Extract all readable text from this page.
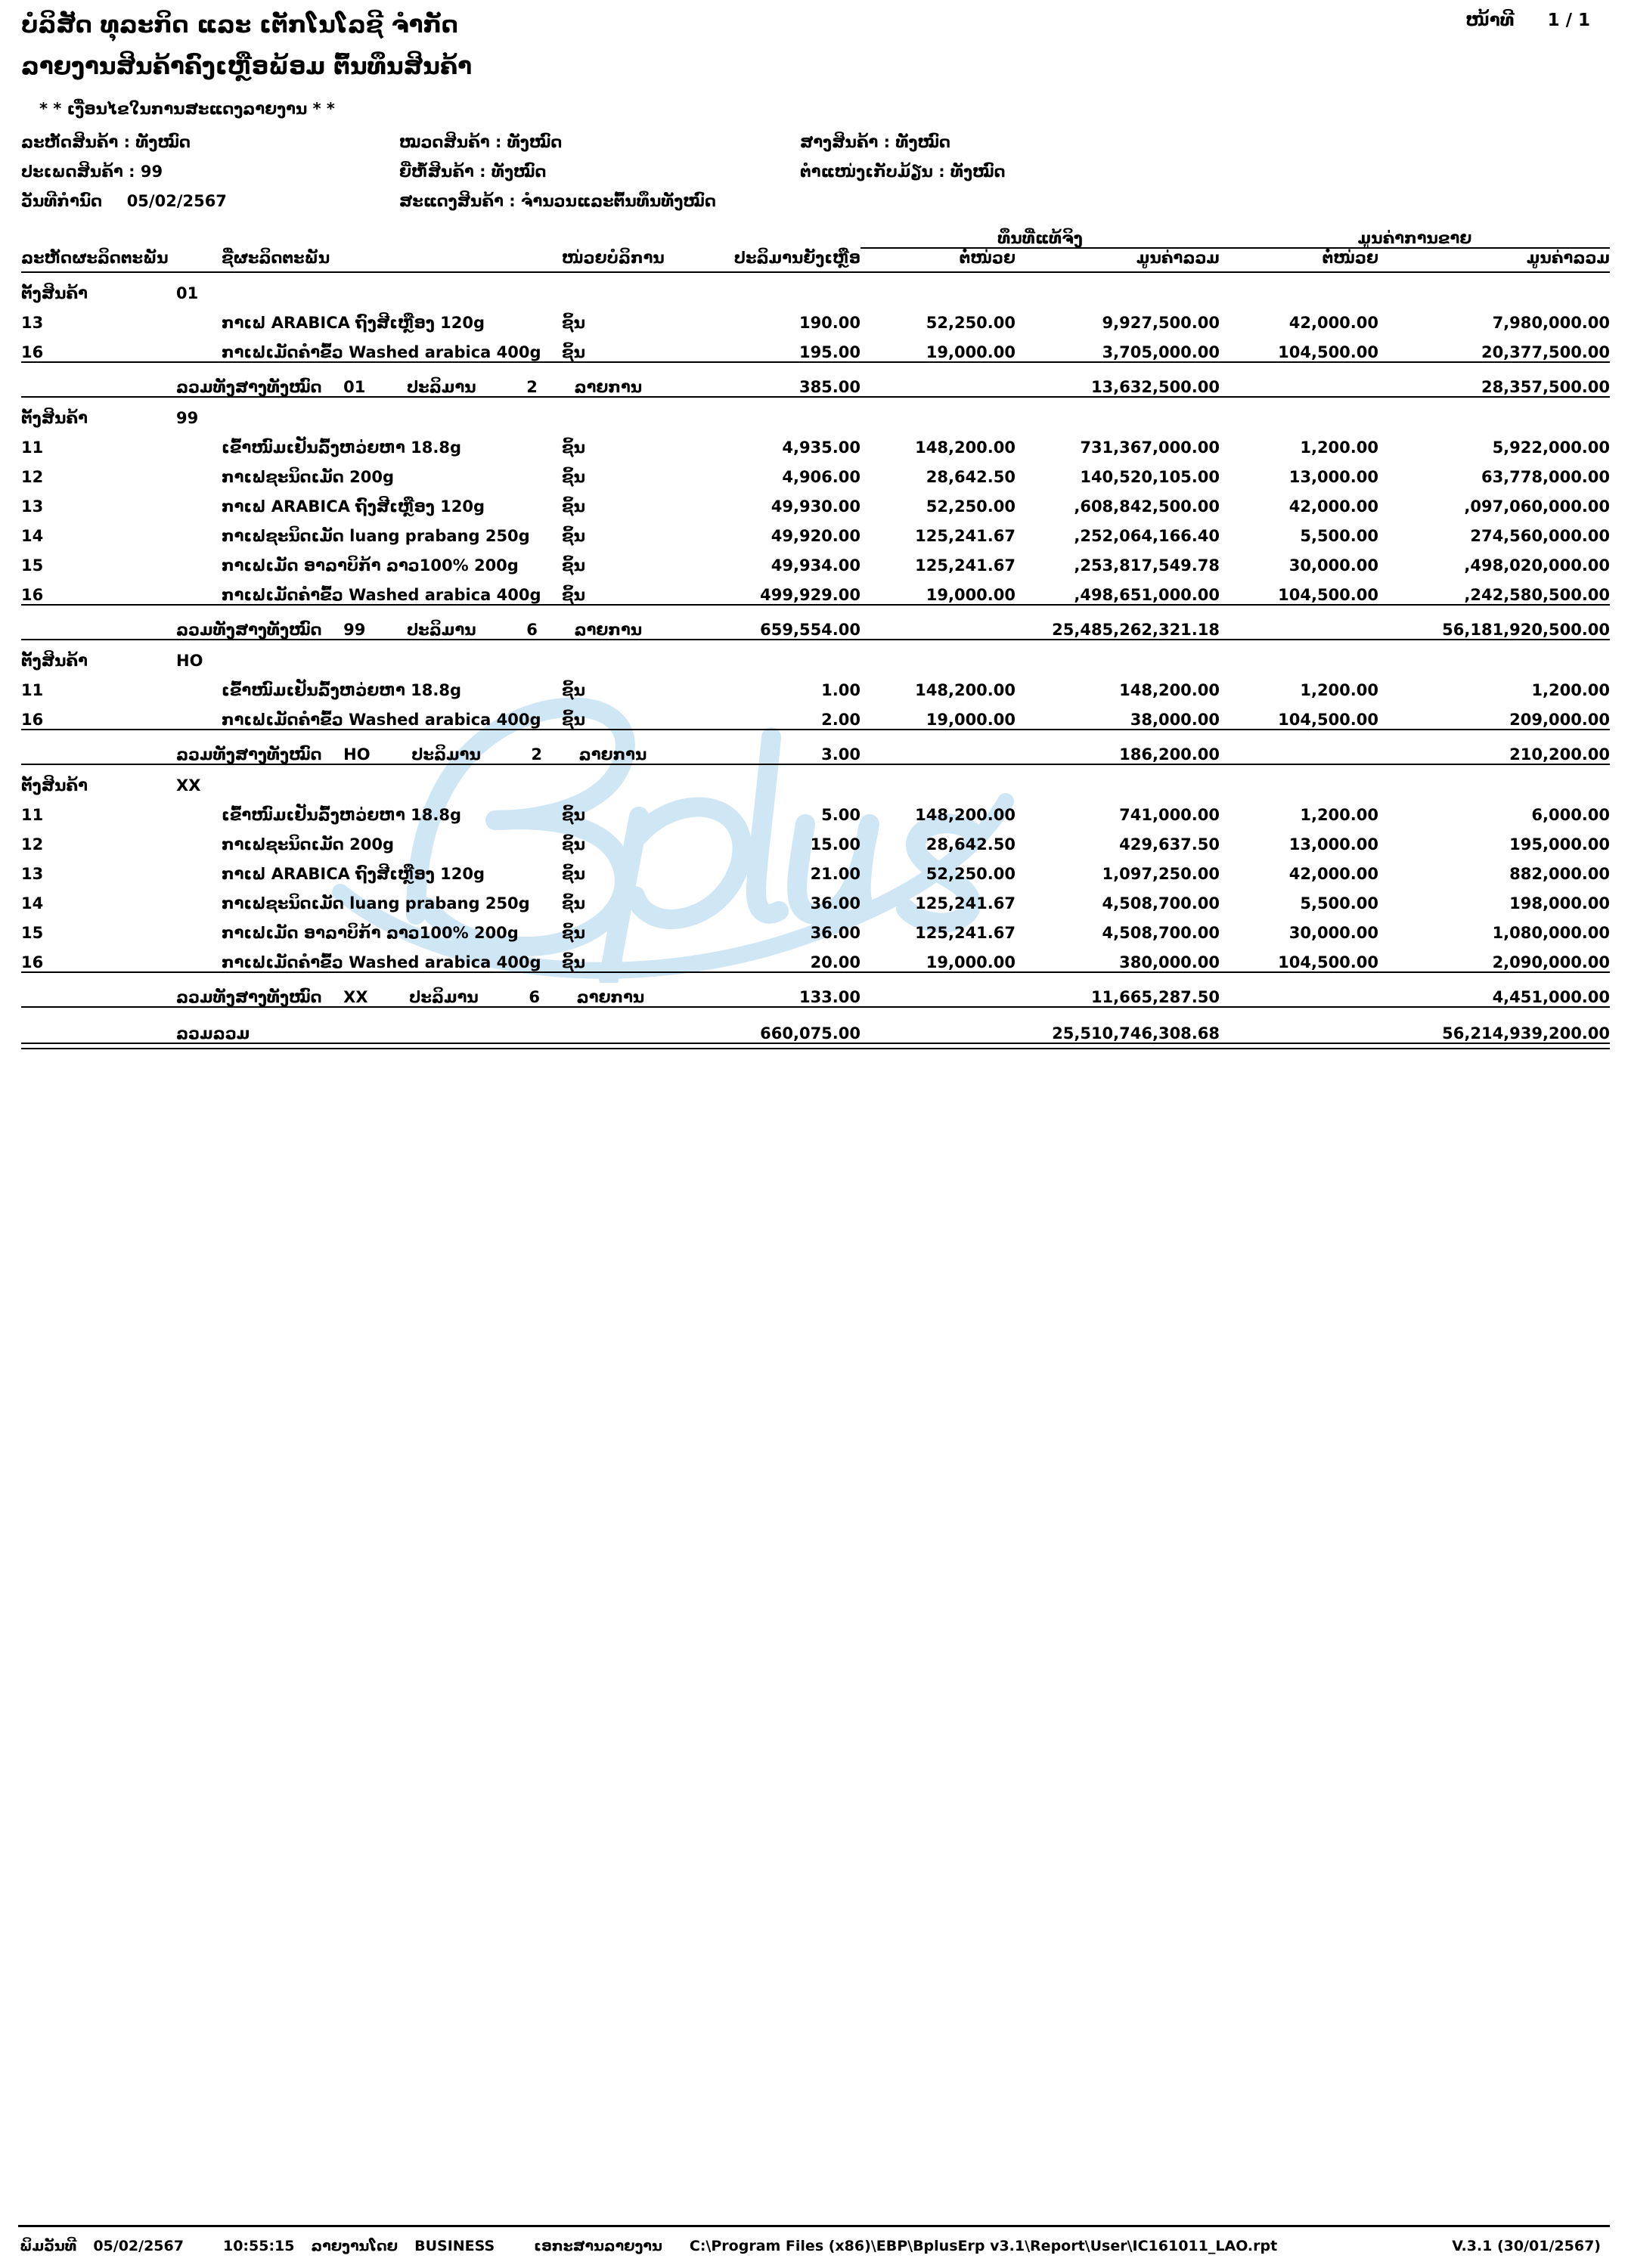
ບໍລິສັດ ທຸລະກິດ ແລະ ເຕັກໂນໂລຊີ ຈຳກັດ	ໜ້າທີ 1 / 1
ລາຍງານສິນຄ້າຄົງເຫຼືອພ້ອມ ຕົ້ນທຶນສິນຄ້າ
* * ເງື່ອນໄຂໃນການສະແດງລາຍງານ * *
ລະຫັດສິນຄ້າ : ທັງໝົດ	ໝວດສິນຄ້າ : ທັງໝົດ	ສາງສິນຄ້າ : ທັງໝົດ
ປະເພດສິນຄ້າ : 99	ຍີ່ຫໍ້ສິນຄ້າ : ທັງໝົດ	ຕຳແໜ່ງເກັບມ້ຽນ : ທັງໝົດ
ວັນທີກຳນົດ 05/02/2567	ສະແດງສິນຄ້າ : ຈຳນວນແລະຕົ້ນທຶນທັງໝົດ
					ທຶນທີ່ແທ້ຈິງ		ມູນຄ່າການຂາຍ	

ລະຫັດຜະລິດຕະພັນ		ຊື່ຜະລິດຕະພັນ	ໜ່ວຍບໍລິການ	ປະລິມານຍັງເຫຼືອ	ຕໍ່ໜ່ວຍ	ມູນຄ່າລວມ	ຕໍ່ໜ່ວຍ	ມູນຄ່າລວມ

ຕັ້ງສິນຄ້າ	01							
13		ກາເຟ ARABICA ຖົງສີເຫຼືອງ 120g	ຊິ້ນ	190.00	52,250.00	9,927,500.00	42,000.00	7,980,000.00
16		ກາເຟເມັດຄຳຂົ້ວ Washed arabica 400g	ຊິ້ນ	195.00	19,000.00	3,705,000.00	104,500.00	20,377,500.00

	ລວມທັງສາງທັງໝົດ 01 ປະລິມານ 2 ລາຍການ			385.00		13,632,500.00		28,357,500.00

ຕັ້ງສິນຄ້າ	99							
11		ເຂົ້າໜົມເຢັນລົ້ງຫວ່ຍຫາ 18.8g	ຊິ້ນ	4,935.00	148,200.00	731,367,000.00	1,200.00	5,922,000.00
12		ກາເຟຊະນິດເມັດ 200g	ຊິ້ນ	4,906.00	28,642.50	140,520,105.00	13,000.00	63,778,000.00
13		ກາເຟ ARABICA ຖົງສີເຫຼືອງ 120g	ຊິ້ນ	49,930.00	52,250.00	,608,842,500.00	42,000.00	,097,060,000.00
14		ກາເຟຊະນິດເມັດ luang prabang 250g	ຊິ້ນ	49,920.00	125,241.67	,252,064,166.40	5,500.00	274,560,000.00
15		ກາເຟເມັດ ອາລາບິກ້າ ລາວ100% 200g	ຊິ້ນ	49,934.00	125,241.67	,253,817,549.78	30,000.00	,498,020,000.00
16		ກາເຟເມັດຄຳຂົ້ວ Washed arabica 400g	ຊິ້ນ	499,929.00	19,000.00	,498,651,000.00	104,500.00	,242,580,500.00

	ລວມທັງສາງທັງໝົດ 99 ປະລິມານ 6 ລາຍການ			659,554.00		25,485,262,321.18		56,181,920,500.00

ຕັ້ງສິນຄ້າ	HO							
11		ເຂົ້າໜົມເຢັນລົ້ງຫວ່ຍຫາ 18.8g	ຊິ້ນ	1.00	148,200.00	148,200.00	1,200.00	1,200.00
16		ກາເຟເມັດຄຳຂົ້ວ Washed arabica 400g	ຊິ້ນ	2.00	19,000.00	38,000.00	104,500.00	209,000.00

	ລວມທັງສາງທັງໝົດ HO ປະລິມານ 2 ລາຍການ			3.00		186,200.00		210,200.00

ຕັ້ງສິນຄ້າ	XX							
11		ເຂົ້າໜົມເຢັນລົ້ງຫວ່ຍຫາ 18.8g	ຊິ້ນ	5.00	148,200.00	741,000.00	1,200.00	6,000.00
12		ກາເຟຊະນິດເມັດ 200g	ຊິ້ນ	15.00	28,642.50	429,637.50	13,000.00	195,000.00
13		ກາເຟ ARABICA ຖົງສີເຫຼືອງ 120g	ຊິ້ນ	21.00	52,250.00	1,097,250.00	42,000.00	882,000.00
14		ກາເຟຊະນິດເມັດ luang prabang 250g	ຊິ້ນ	36.00	125,241.67	4,508,700.00	5,500.00	198,000.00
15		ກາເຟເມັດ ອາລາບິກ້າ ລາວ100% 200g	ຊິ້ນ	36.00	125,241.67	4,508,700.00	30,000.00	1,080,000.00
16		ກາເຟເມັດຄຳຂົ້ວ Washed arabica 400g	ຊິ້ນ	20.00	19,000.00	380,000.00	104,500.00	2,090,000.00

	ລວມທັງສາງທັງໝົດ XX ປະລິມານ 6 ລາຍການ			133.00		11,665,287.50		4,451,000.00

	ລວມລວມ			660,075.00		25,510,746,308.68		56,214,939,200.00

ພິມວັນທີ 05/02/2567	10:55:15 ລາຍງານໂດຍ BUSINESS	ເອກະສານລາຍງານ C:\Program Files (x86)\EBP\BplusErp v3.1\Report\User\IC161011_LAO.rpt	V.3.1 (30/01/2567)
